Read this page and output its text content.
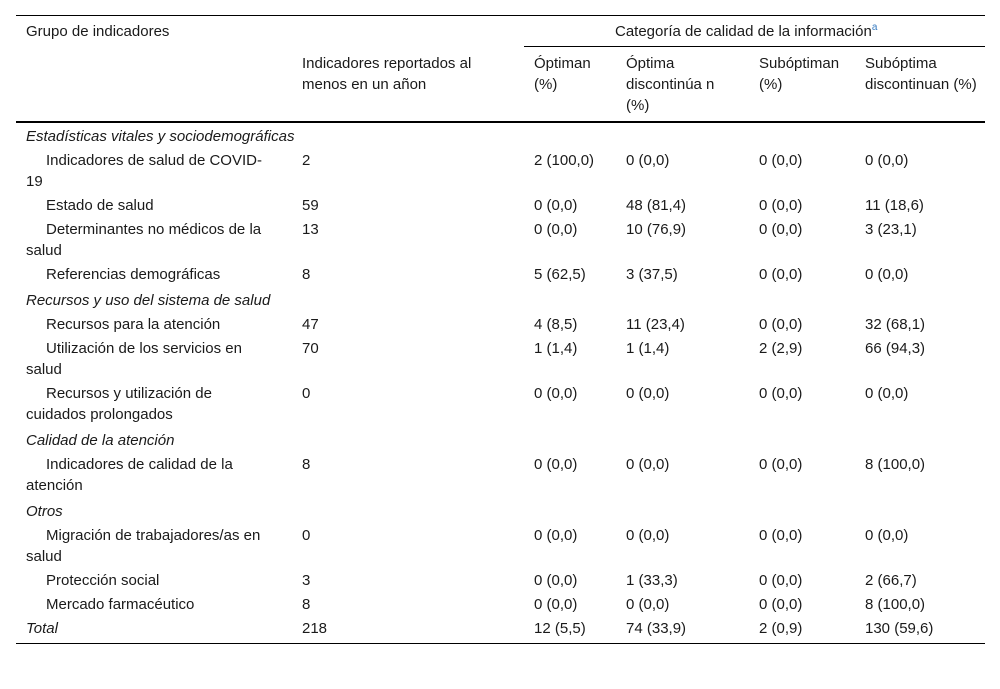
Grupo de indicadores		Categoría de calidad de la información$^a$
	Indicadores reportados al menos en un añon	Óptiman (%)	Óptima discontinúa n (%)	Subóptiman (%)	Subóptima discontinuan (%)
Estadísticas vitales y sociodemográficas					
Indicadores de salud de COVID-19	2	2 (100,0)	0 (0,0)	0 (0,0)	0 (0,0)
Estado de salud	59	0 (0,0)	48 (81,4)	0 (0,0)	11 (18,6)
Determinantes no médicos de la salud	13	0 (0,0)	10 (76,9)	0 (0,0)	3 (23,1)
Referencias demográficas	8	5 (62,5)	3 (37,5)	0 (0,0)	0 (0,0)
Recursos y uso del sistema de salud					
Recursos para la atención	47	4 (8,5)	11 (23,4)	0 (0,0)	32 (68,1)
Utilización de los servicios en salud	70	1 (1,4)	1 (1,4)	2 (2,9)	66 (94,3)
Recursos y utilización de cuidados prolongados	0	0 (0,0)	0 (0,0)	0 (0,0)	0 (0,0)
Calidad de la atención					
Indicadores de calidad de la atención	8	0 (0,0)	0 (0,0)	0 (0,0)	8 (100,0)
Otros					
Migración de trabajadores/as en salud	0	0 (0,0)	0 (0,0)	0 (0,0)	0 (0,0)
Protección social	3	0 (0,0)	1 (33,3)	0 (0,0)	2 (66,7)
Mercado farmacéutico	8	0 (0,0)	0 (0,0)	0 (0,0)	8 (100,0)
Total	218	12 (5,5)	74 (33,9)	2 (0,9)	130 (59,6)
